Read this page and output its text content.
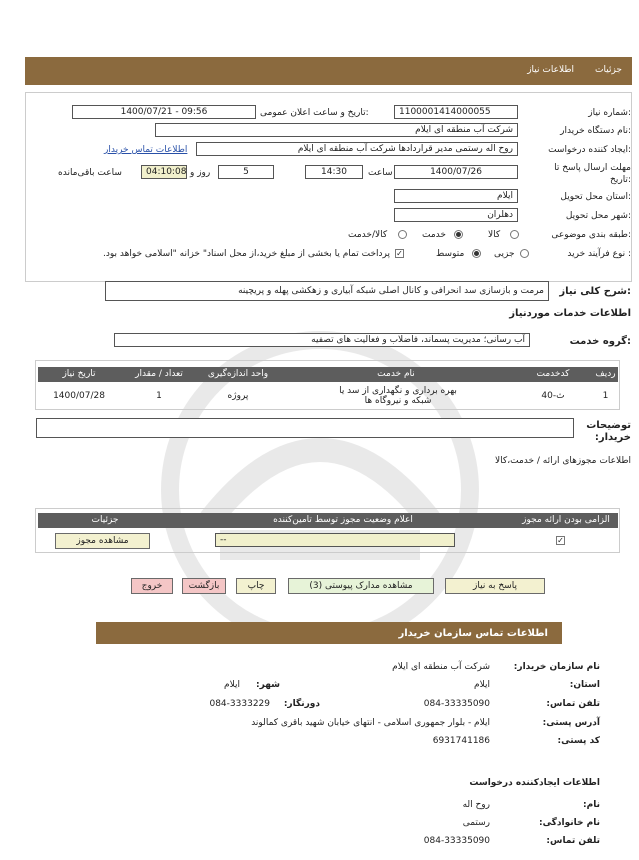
جزئیات
اطلاعات نیاز
شماره نیاز:
1100001414000055
تاریخ و ساعت اعلان عمومی:
1400/07/21 - 09:56
نام دستگاه خریدار:
شرکت آب منطقه ای ایلام
ایجاد کننده درخواست:
روح اله رستمی مدیر قراردادها شرکت آب منطقه ای ایلام
اطلاعات تماس خریدار
مهلت ارسال پاسخ تا تاریخ:
1400/07/26
ساعت
14:30
5
روز و
04:10:08
ساعت باقی‌مانده
استان محل تحویل:
ایلام
شهر محل تحویل:
دهلران
طبقه بندی موضوعی:
کالا
خدمت
کالا/خدمت
نوع فرآیند خرید :
جزیی
متوسط
✓
پرداخت تمام یا بخشی از مبلغ خرید،از محل اسناد" خزانه "اسلامی خواهد بود.
شرح کلی نیاز:
مرمت و بازسازی سد انحرافی و کانال اصلی شبکه آبیاری و زهکشی پهله و پریچینه
اطلاعات خدمات موردنیاز
گروه خدمت:
آب رسانی؛ مدیریت پسماند، فاضلاب و فعالیت های تصفیه
ردیف
کدخدمت
نام خدمت
واحد اندازه‌گیری
تعداد / مقدار
تاریخ نیاز
1
ث-40
بهره برداری و نگهداری از سد یا شبکه و نیروگاه ها
پروژه
1
1400/07/28
توضیحات خریدار:
اطلاعات مجوزهای ارائه / خدمت،کالا
الزامی بودن ارائه مجوز
اعلام وضعیت مجوز توسط تامین‌کننده
جزئیات
✓
--
مشاهده مجوز
پاسخ به نیاز
مشاهده مدارک پیوستی (3)
چاپ
بازگشت
خروج
اطلاعات تماس سازمان خریدار
نام سازمان خریدار:
شرکت آب منطقه ای ایلام
استان:
ایلام
شهر:
ایلام
تلفن تماس:
084-33335090
دورنگار:
084-3333229
آدرس پستی:
ایلام - بلوار جمهوری اسلامی - انتهای خیابان شهید باقری کمالوند
کد پستی:
6931741186
اطلاعات ایجادکننده درخواست
نام:
روح اله
نام خانوادگی:
رستمی
تلفن تماس:
084-33335090
